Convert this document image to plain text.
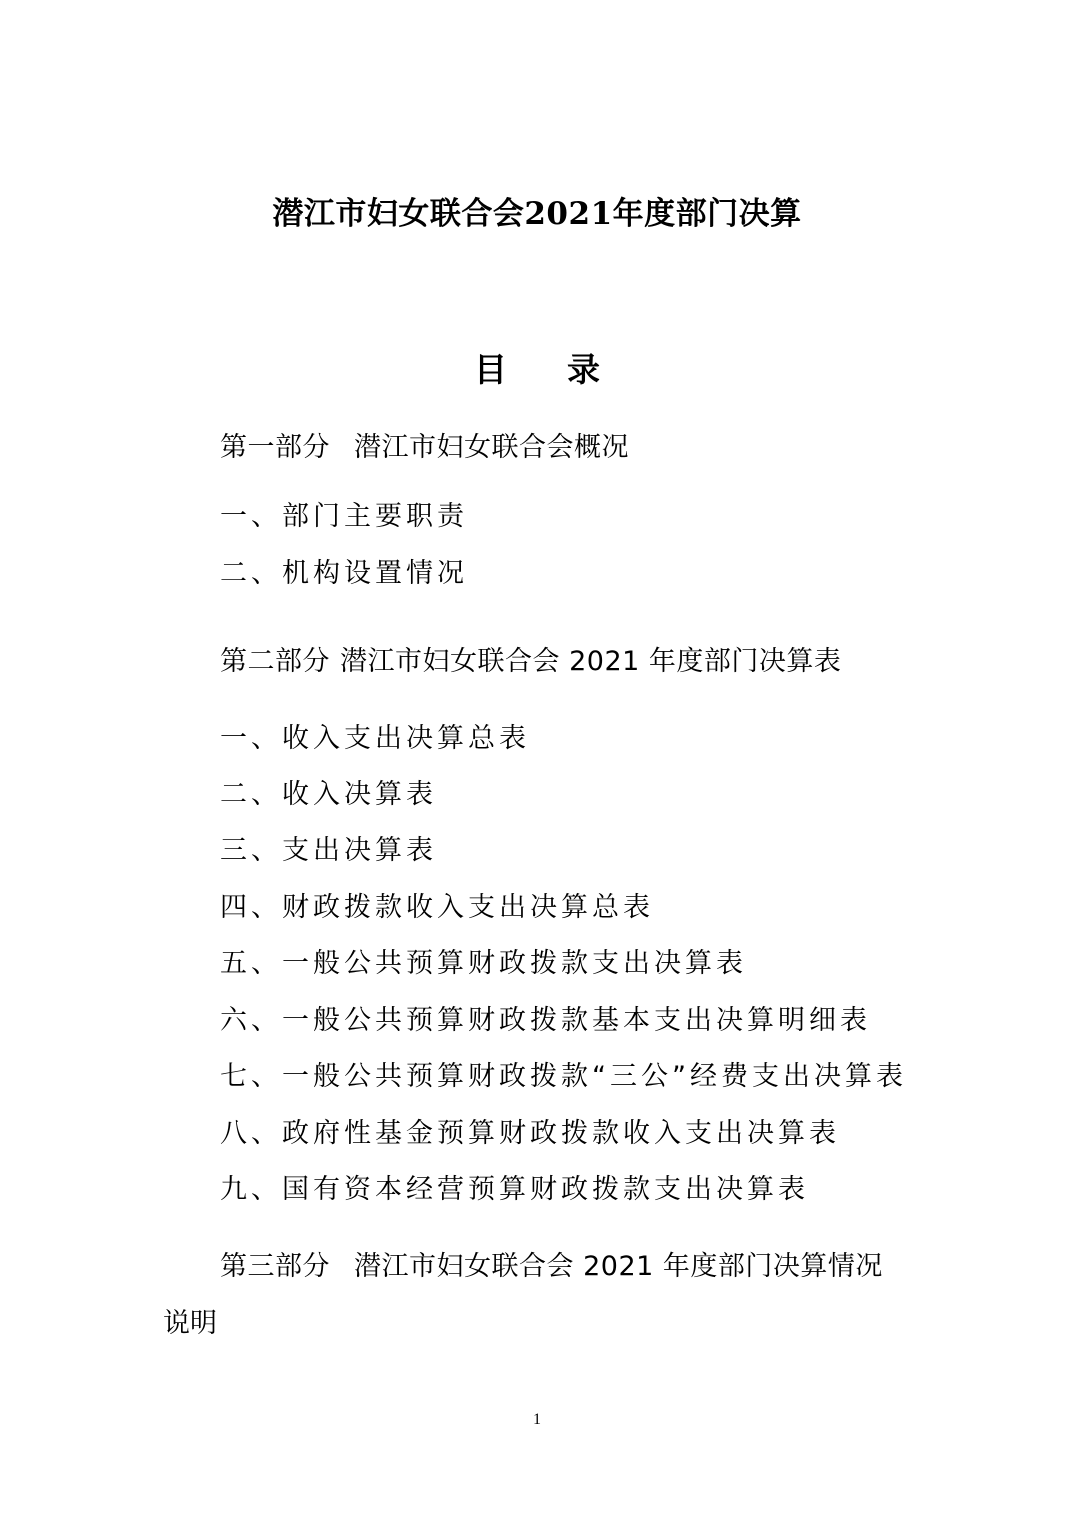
潜江市妇女联合会2021年度部门决算
目 录
第一部分 潜江市妇女联合会概况
一、部门主要职责
二、机构设置情况
第二部分 潜江市妇女联合会 2021 年度部门决算表
一、收入支出决算总表
二、收入决算表
三、支出决算表
四、财政拨款收入支出决算总表
五、一般公共预算财政拨款支出决算表
六、一般公共预算财政拨款基本支出决算明细表
七、一般公共预算财政拨款“三公”经费支出决算表
八、政府性基金预算财政拨款收入支出决算表
九、国有资本经营预算财政拨款支出决算表
第三部分 潜江市妇女联合会 2021 年度部门决算情况
说明
1
